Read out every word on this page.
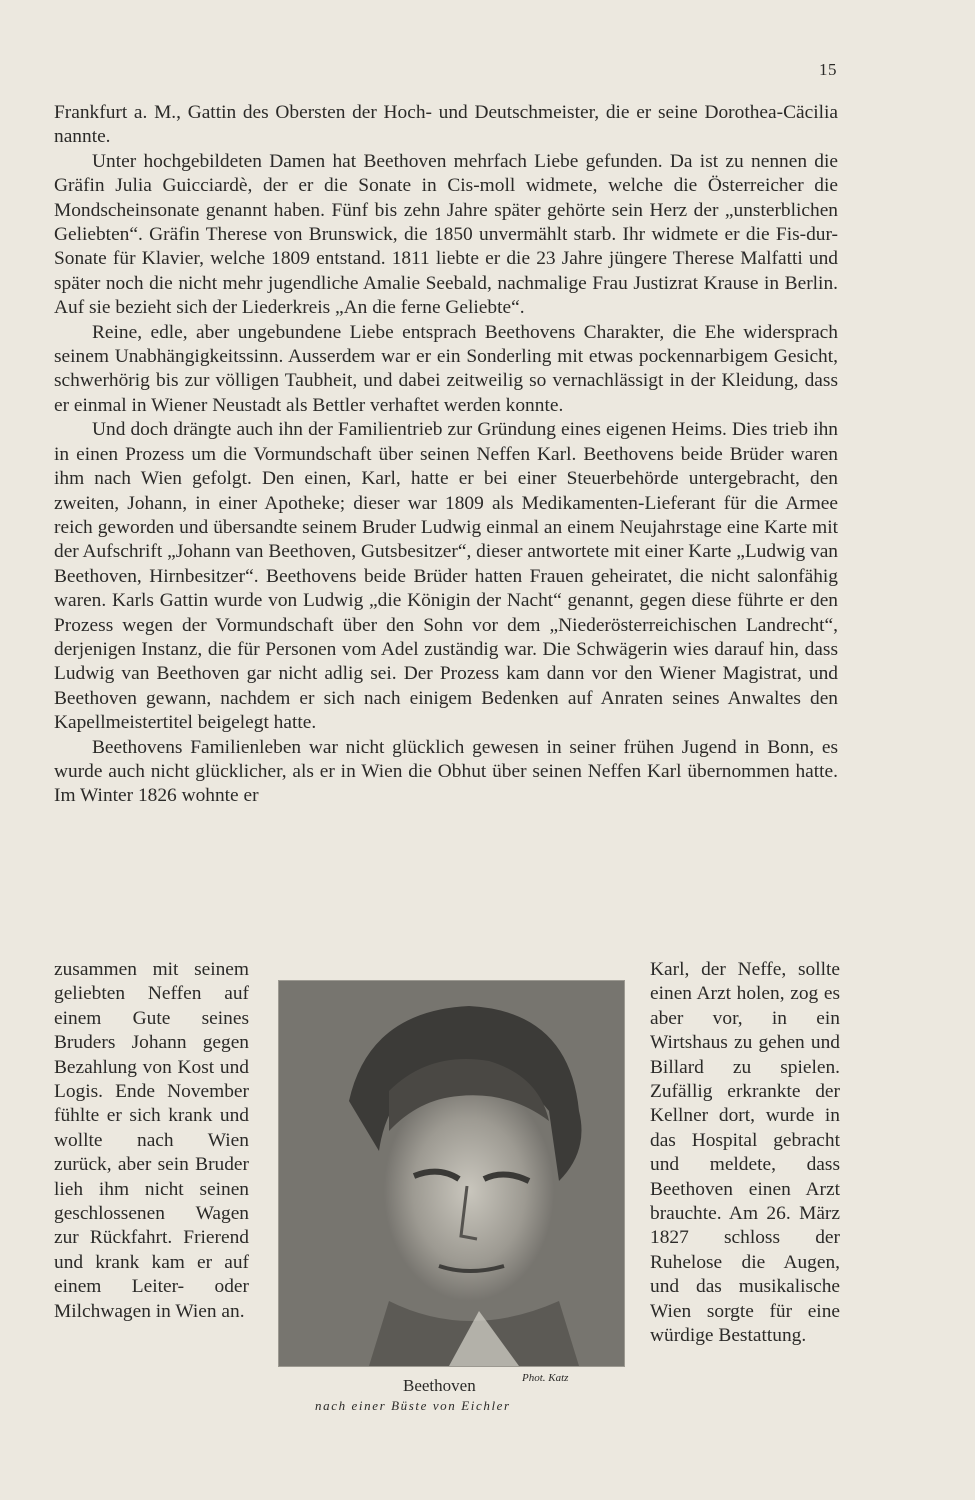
15

Frankfurt a. M., Gattin des Obersten der Hoch- und Deutschmeister, die er seine Dorothea-Cäcilia nannte.

Unter hochgebildeten Damen hat Beethoven mehrfach Liebe gefunden. Da ist zu nennen die Gräfin Julia Guicciardè, der er die Sonate in Cis-moll widmete, welche die Österreicher die Mondscheinsonate genannt haben. Fünf bis zehn Jahre später gehörte sein Herz der „unsterblichen Geliebten“. Gräfin Therese von Brunswick, die 1850 unvermählt starb. Ihr widmete er die Fis-dur-Sonate für Klavier, welche 1809 entstand. 1811 liebte er die 23 Jahre jüngere Therese Malfatti und später noch die nicht mehr jugendliche Amalie Seebald, nachmalige Frau Justizrat Krause in Berlin. Auf sie bezieht sich der Liederkreis „An die ferne Geliebte“.

Reine, edle, aber ungebundene Liebe entsprach Beethovens Charakter, die Ehe widersprach seinem Unabhängigkeitssinn. Ausserdem war er ein Sonderling mit etwas pockennarbigem Gesicht, schwerhörig bis zur völligen Taubheit, und dabei zeitweilig so vernachlässigt in der Kleidung, dass er einmal in Wiener Neustadt als Bettler verhaftet werden konnte.

Und doch drängte auch ihn der Familientrieb zur Gründung eines eigenen Heims. Dies trieb ihn in einen Prozess um die Vormundschaft über seinen Neffen Karl. Beethovens beide Brüder waren ihm nach Wien gefolgt. Den einen, Karl, hatte er bei einer Steuerbehörde untergebracht, den zweiten, Johann, in einer Apotheke; dieser war 1809 als Medikamenten-Lieferant für die Armee reich geworden und übersandte seinem Bruder Ludwig einmal an einem Neujahrstage eine Karte mit der Aufschrift „Johann van Beethoven, Gutsbesitzer“, dieser antwortete mit einer Karte „Ludwig van Beethoven, Hirnbesitzer“. Beethovens beide Brüder hatten Frauen geheiratet, die nicht salonfähig waren. Karls Gattin wurde von Ludwig „die Königin der Nacht“ genannt, gegen diese führte er den Prozess wegen der Vormundschaft über den Sohn vor dem „Niederösterreichischen Landrecht“, derjenigen Instanz, die für Personen vom Adel zuständig war. Die Schwägerin wies darauf hin, dass Ludwig van Beethoven gar nicht adlig sei. Der Prozess kam dann vor den Wiener Magistrat, und Beethoven gewann, nachdem er sich nach einigem Bedenken auf Anraten seines Anwaltes den Kapellmeistertitel beigelegt hatte.

Beethovens Familienleben war nicht glücklich gewesen in seiner frühen Jugend in Bonn, es wurde auch nicht glücklicher, als er in Wien die Obhut über seinen Neffen Karl übernommen hatte. Im Winter 1826 wohnte er

zusammen mit seinem geliebten Neffen auf einem Gute seines Bruders Johann gegen Bezahlung von Kost und Logis. Ende November fühlte er sich krank und wollte nach Wien zurück, aber sein Bruder lieh ihm nicht seinen geschlossenen Wagen zur Rückfahrt. Frierend und krank kam er auf einem Leiter- oder Milchwagen in Wien an.

Beethoven	Phot. Katz
nach einer Büste von Eichler

Karl, der Neffe, sollte einen Arzt holen, zog es aber vor, in ein Wirtshaus zu gehen und Billard zu spielen. Zufällig erkrankte der Kellner dort, wurde in das Hospital gebracht und meldete, dass Beethoven einen Arzt brauchte. Am 26. März 1827 schloss der Ruhelose die Augen, und das musikalische Wien sorgte für eine würdige Bestattung.
